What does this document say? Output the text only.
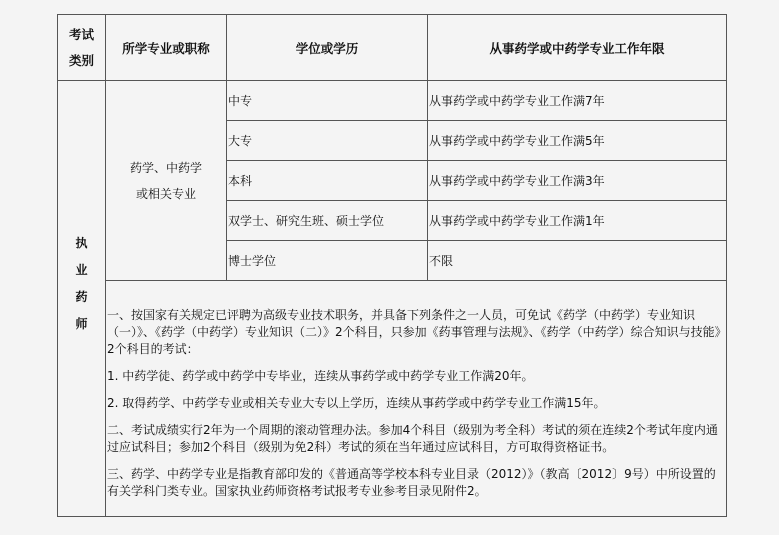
考试
类别
所学专业或职称	学位或学历	从事药学或中药学专业工作年限
执
业
药
师
药学、中药学
或相关专业
中专	从事药学或中药学专业工作满7年
大专	从事药学或中药学专业工作满5年
本科	从事药学或中药学专业工作满3年
双学士、研究生班、硕士学位	从事药学或中药学专业工作满1年
博士学位	不限

一、按国家有关规定已评聘为高级专业技术职务，并具备下列条件之一人员，可免试《药学（中药学）专业知识（一）》、《药学（中药学）专业知识（二）》2个科目，只参加《药事管理与法规》、《药学（中药学）综合知识与技能》2个科目的考试：

1. 中药学徒、药学或中药学中专毕业，连续从事药学或中药学专业工作满20年。

2. 取得药学、中药学专业或相关专业大专以上学历，连续从事药学或中药学专业工作满15年。

二、考试成绩实行2年为一个周期的滚动管理办法。参加4个科目（级别为考全科）考试的须在连续2个考试年度内通过应试科目；参加2个科目（级别为免2科）考试的须在当年通过应试科目，方可取得资格证书。

三、药学、中药学专业是指教育部印发的《普通高等学校本科专业目录（2012）》（教高〔2012〕9号）中所设置的有关学科门类专业。国家执业药师资格考试报考专业参考目录见附件2。
